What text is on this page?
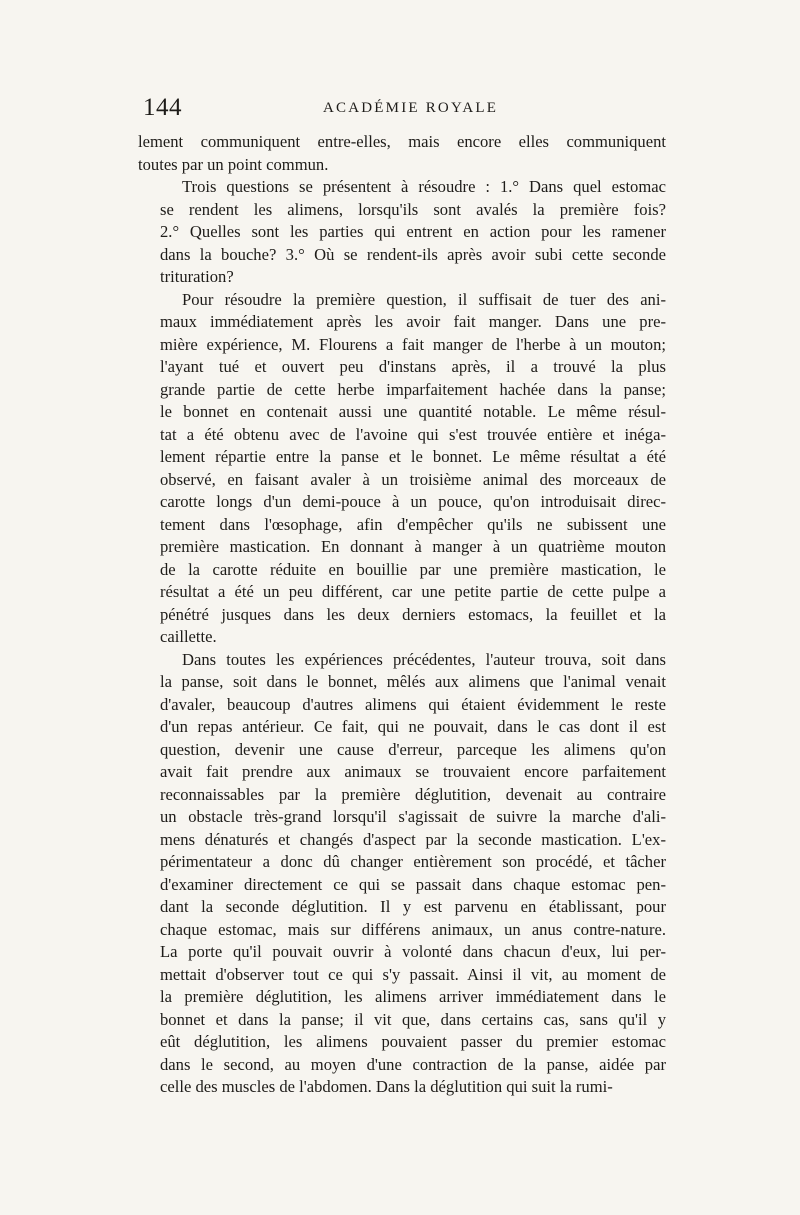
144	ACADÉMIE ROYALE

lement communiquent entre-elles, mais encore elles communiquent
toutes par un point commun.

Trois questions se présentent à résoudre : 1.° Dans quel estomac
se rendent les alimens, lorsqu'ils sont avalés la première fois?
2.° Quelles sont les parties qui entrent en action pour les ramener
dans la bouche? 3.° Où se rendent-ils après avoir subi cette seconde
trituration?

Pour résoudre la première question, il suffisait de tuer des ani-
maux immédiatement après les avoir fait manger. Dans une pre-
mière expérience, M. Flourens a fait manger de l'herbe à un mouton;
l'ayant tué et ouvert peu d'instans après, il a trouvé la plus
grande partie de cette herbe imparfaitement hachée dans la panse;
le bonnet en contenait aussi une quantité notable. Le même résul-
tat a été obtenu avec de l'avoine qui s'est trouvée entière et inéga-
lement répartie entre la panse et le bonnet. Le même résultat a été
observé, en faisant avaler à un troisième animal des morceaux de
carotte longs d'un demi-pouce à un pouce, qu'on introduisait direc-
tement dans l'œsophage, afin d'empêcher qu'ils ne subissent une
première mastication. En donnant à manger à un quatrième mouton
de la carotte réduite en bouillie par une première mastication, le
résultat a été un peu différent, car une petite partie de cette pulpe a
pénétré jusques dans les deux derniers estomacs, la feuillet et la
caillette.

Dans toutes les expériences précédentes, l'auteur trouva, soit dans
la panse, soit dans le bonnet, mêlés aux alimens que l'animal venait
d'avaler, beaucoup d'autres alimens qui étaient évidemment le reste
d'un repas antérieur. Ce fait, qui ne pouvait, dans le cas dont il est
question, devenir une cause d'erreur, parceque les alimens qu'on
avait fait prendre aux animaux se trouvaient encore parfaitement
reconnaissables par la première déglutition, devenait au contraire
un obstacle très-grand lorsqu'il s'agissait de suivre la marche d'ali-
mens dénaturés et changés d'aspect par la seconde mastication. L'ex-
périmentateur a donc dû changer entièrement son procédé, et tâcher
d'examiner directement ce qui se passait dans chaque estomac pen-
dant la seconde déglutition. Il y est parvenu en établissant, pour
chaque estomac, mais sur différens animaux, un anus contre-nature.
La porte qu'il pouvait ouvrir à volonté dans chacun d'eux, lui per-
mettait d'observer tout ce qui s'y passait. Ainsi il vit, au moment de
la première déglutition, les alimens arriver immédiatement dans le
bonnet et dans la panse; il vit que, dans certains cas, sans qu'il y
eût déglutition, les alimens pouvaient passer du premier estomac
dans le second, au moyen d'une contraction de la panse, aidée par
celle des muscles de l'abdomen. Dans la déglutition qui suit la rumi-
